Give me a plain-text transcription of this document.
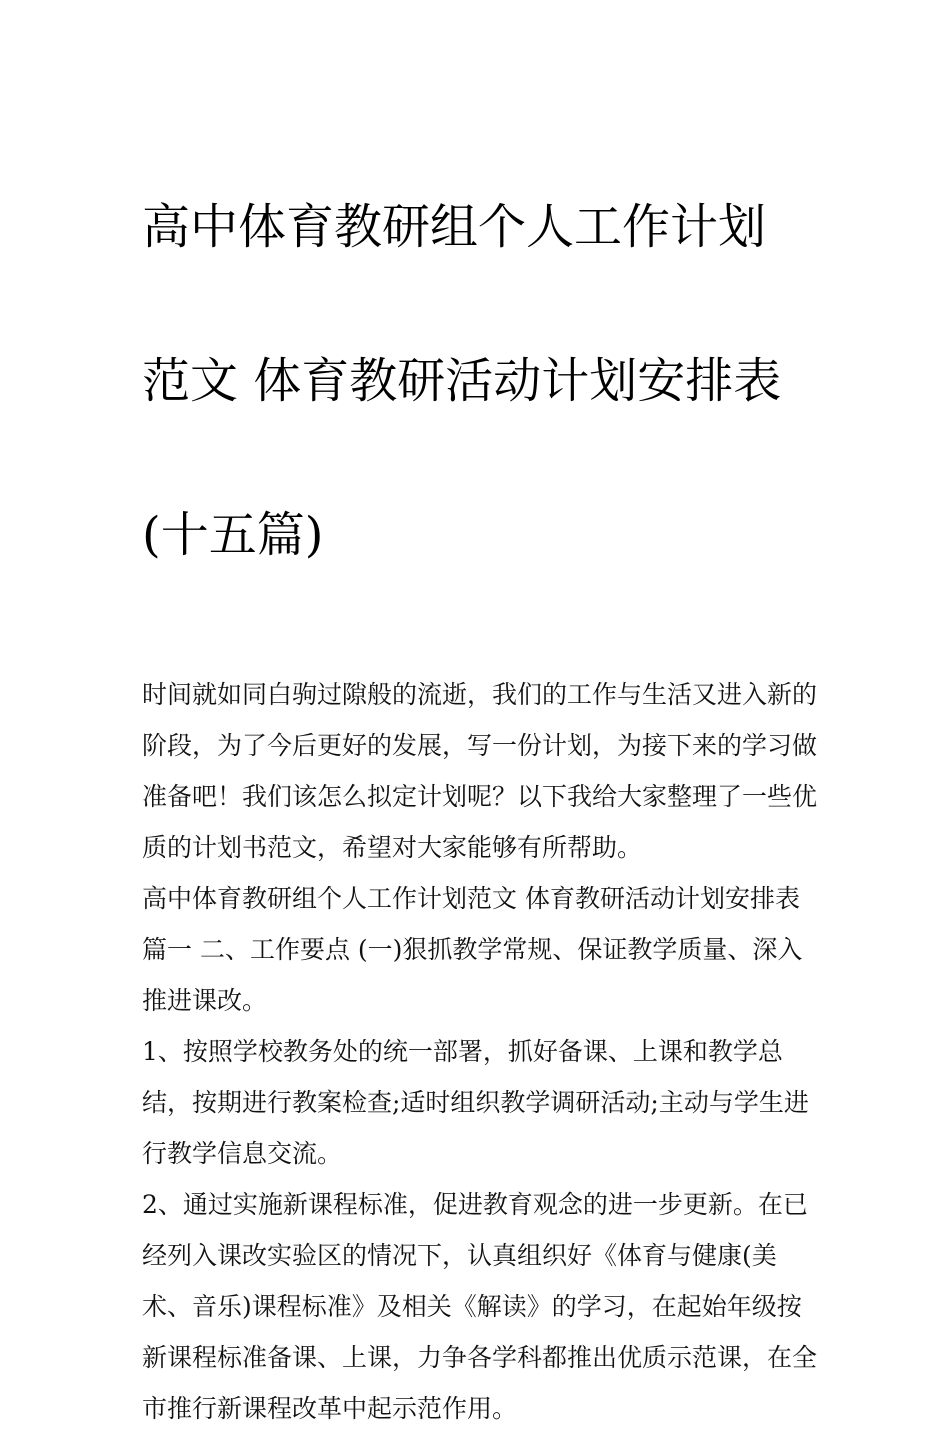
高中体育教研组个人工作计划

范文 体育教研活动计划安排表

(十五篇)

时间就如同白驹过隙般的流逝，我们的工作与生活又进入新的
阶段，为了今后更好的发展，写一份计划，为接下来的学习做
准备吧！我们该怎么拟定计划呢？以下我给大家整理了一些优
质的计划书范文，希望对大家能够有所帮助。

高中体育教研组个人工作计划范文 体育教研活动计划安排表
篇一 二、工作要点 (一)狠抓教学常规、保证教学质量、深入
推进课改。

1、按照学校教务处的统一部署，抓好备课、上课和教学总
结，按期进行教案检查;适时组织教学调研活动;主动与学生进
行教学信息交流。

2、通过实施新课程标准，促进教育观念的进一步更新。在已
经列入课改实验区的情况下，认真组织好《体育与健康(美
术、音乐)课程标准》及相关《解读》的学习，在起始年级按
新课程标准备课、上课，力争各学科都推出优质示范课，在全
市推行新课程改革中起示范作用。
